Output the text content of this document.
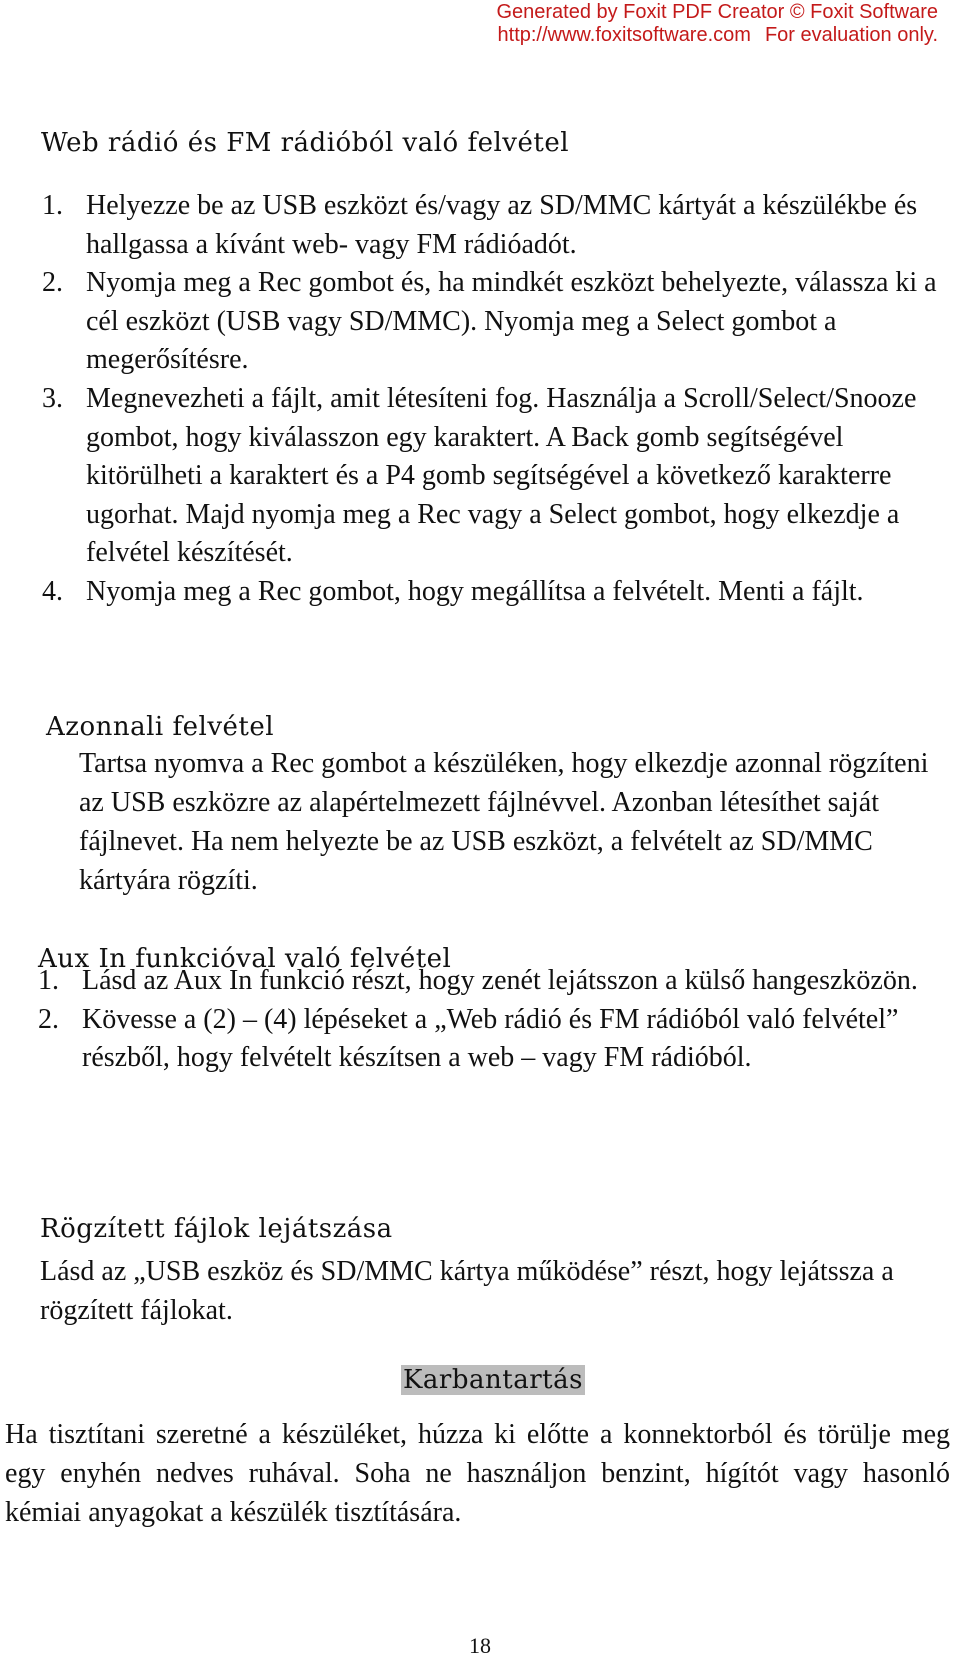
Generated by Foxit PDF Creator © Foxit Software
http://www.foxitsoftware.com For evaluation only.
Web rádió és FM rádióból való felvétel
1. Helyezze be az USB eszközt és/vagy az SD/MMC kártyát a készülékbe és hallgassa a kívánt web- vagy FM rádióadót.
2. Nyomja meg a Rec gombot és, ha mindkét eszközt behelyezte, válassza ki a cél eszközt (USB vagy SD/MMC). Nyomja meg a Select gombot a megerősítésre.
3. Megnevezheti a fájlt, amit létesíteni fog. Használja a Scroll/Select/Snooze gombot, hogy kiválasszon egy karaktert. A Back gomb segítségével kitörülheti a karaktert és a P4 gomb segítségével a következő karakterre ugorhat. Majd nyomja meg a Rec vagy a Select gombot, hogy elkezdje a felvétel készítését.
4. Nyomja meg a Rec gombot, hogy megállítsa a felvételt. Menti a fájlt.
Azonnali felvétel

Tartsa nyomva a Rec gombot a készüléken, hogy elkezdje azonnal rögzíteni az USB eszközre az alapértelmezett fájlnévvel. Azonban létesíthet saját fájlnevet. Ha nem helyezte be az USB eszközt, a felvételt az SD/MMC kártyára rögzíti.

Aux In funkcióval való felvétel
1. Lásd az Aux In funkció részt, hogy zenét lejátsszon a külső hangeszközön.
2. Kövesse a (2) – (4) lépéseket a „Web rádió és FM rádióból való felvétel” részből, hogy felvételt készítsen a web – vagy FM rádióból.
Rögzített fájlok lejátszása

Lásd az „USB eszköz és SD/MMC kártya működése” részt, hogy lejátssza a rögzített fájlokat.

Karbantartás

Ha tisztítani szeretné a készüléket, húzza ki előtte a konnektorból és törülje meg egy enyhén nedves ruhával. Soha ne használjon benzint, hígítót vagy hasonló kémiai anyagokat a készülék tisztítására.

18
